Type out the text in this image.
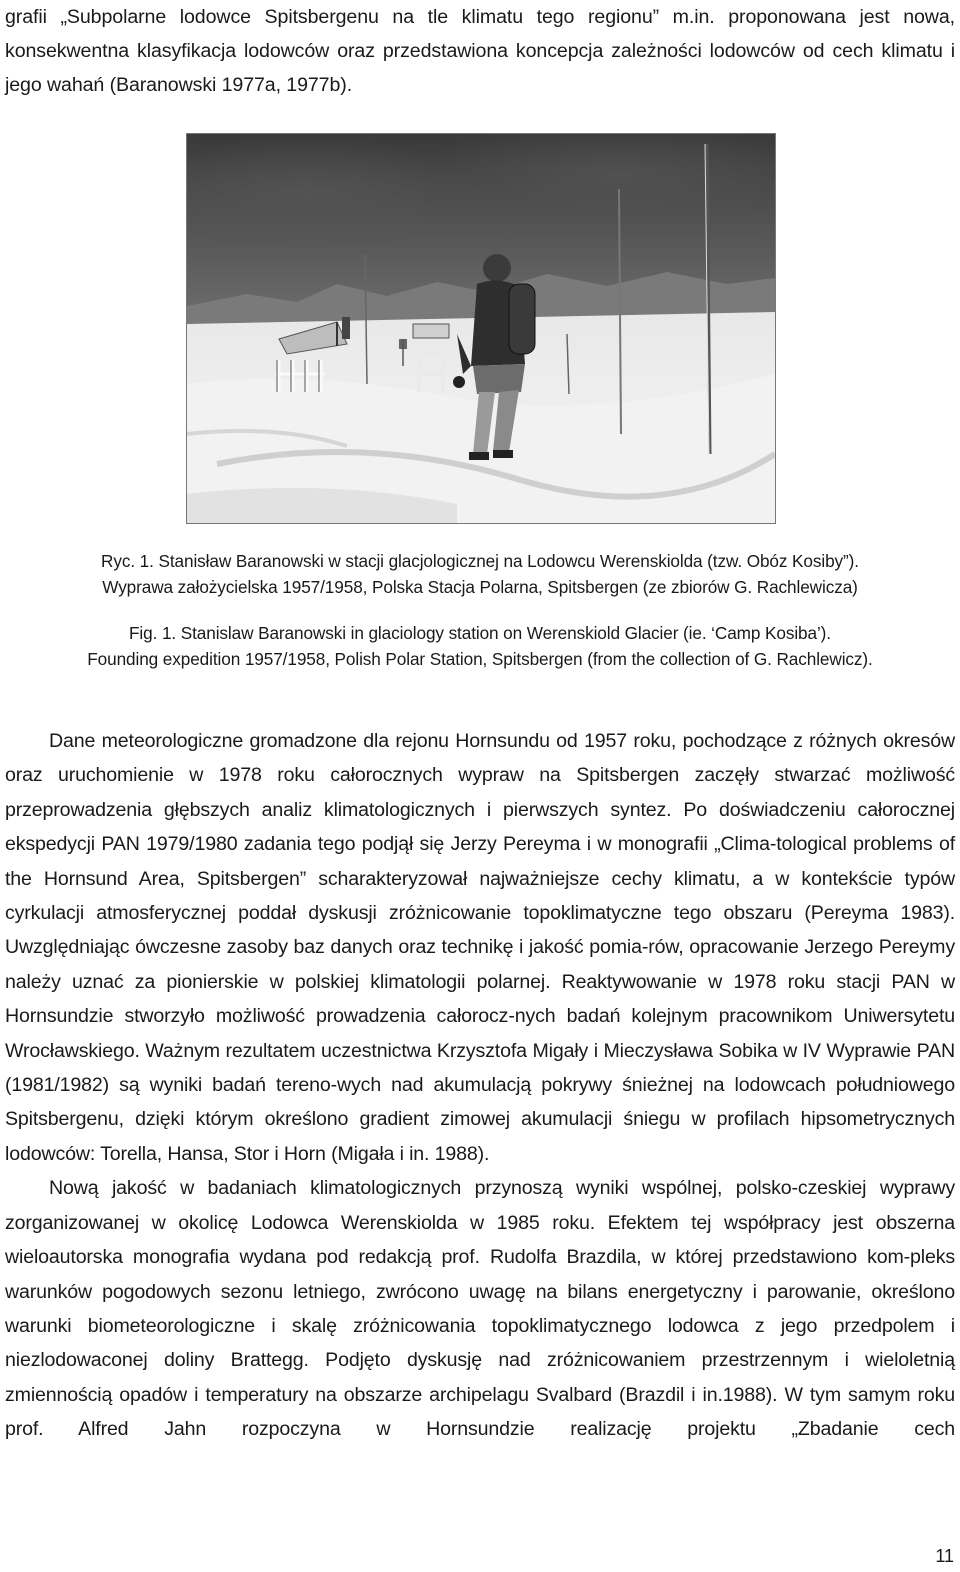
grafii „Subpolarne lodowce Spitsbergenu na tle klimatu tego regionu” m.in. proponowana jest nowa, konsekwentna klasyfikacja lodowców oraz przedstawiona koncepcja zależności lodowców od cech klimatu i jego wahań (Baranowski 1977a, 1977b).

Ryc. 1. Stanisław Baranowski w stacji glacjologicznej na Lodowcu Werenskiolda (tzw. Obóz Kosiby”).
Wyprawa założycielska 1957/1958, Polska Stacja Polarna, Spitsbergen (ze zbiorów G. Rachlewicza)

Fig. 1. Stanislaw Baranowski in glaciology station on Werenskiold Glacier (ie. ‘Camp Kosiba’).
Founding expedition 1957/1958, Polish Polar Station, Spitsbergen (from the collection of G. Rachlewicz).

Dane meteorologiczne gromadzone dla rejonu Hornsundu od 1957 roku, pochodzące z różnych okresów oraz uruchomienie w 1978 roku całorocznych wypraw na Spitsbergen zaczęły stwarzać możliwość przeprowadzenia głębszych analiz klimatologicznych i pierwszych syntez. Po doświadczeniu całorocznej ekspedycji PAN 1979/1980 zadania tego podjął się Jerzy Pereyma i w monografii „Clima-tological problems of the Hornsund Area, Spitsbergen” scharakteryzował najważniejsze cechy klimatu, a w kontekście typów cyrkulacji atmosferycznej poddał dyskusji zróżnicowanie topoklimatyczne tego obszaru (Pereyma 1983). Uwzględniając ówczesne zasoby baz danych oraz technikę i jakość pomia-rów, opracowanie Jerzego Pereymy należy uznać za pionierskie w polskiej klimatologii polarnej. Reaktywowanie w 1978 roku stacji PAN w Hornsundzie stworzyło możliwość prowadzenia całorocz-nych badań kolejnym pracownikom Uniwersytetu Wrocławskiego. Ważnym rezultatem uczestnictwa Krzysztofa Migały i Mieczysława Sobika w IV Wyprawie PAN (1981/1982) są wyniki badań tereno-wych nad akumulacją pokrywy śnieżnej na lodowcach południowego Spitsbergenu, dzięki którym określono gradient zimowej akumulacji śniegu w profilach hipsometrycznych lodowców: Torella, Hansa, Stor i Horn (Migała i in. 1988).

Nową jakość w badaniach klimatologicznych przynoszą wyniki wspólnej, polsko-czeskiej wyprawy zorganizowanej w okolicę Lodowca Werenskiolda w 1985 roku. Efektem tej współpracy jest obszerna wieloautorska monografia wydana pod redakcją prof. Rudolfa Brazdila, w której przedstawiono kom-pleks warunków pogodowych sezonu letniego, zwrócono uwagę na bilans energetyczny i parowanie, określono warunki biometeorologiczne i skalę zróżnicowania topoklimatycznego lodowca z jego przedpolem i niezlodowaconej doliny Brattegg. Podjęto dyskusję nad zróżnicowaniem przestrzennym i wieloletnią zmiennością opadów i temperatury na obszarze archipelagu Svalbard (Brazdil i in.1988). W tym samym roku prof. Alfred Jahn rozpoczyna w Hornsundzie realizację projektu „Zbadanie cech

11
